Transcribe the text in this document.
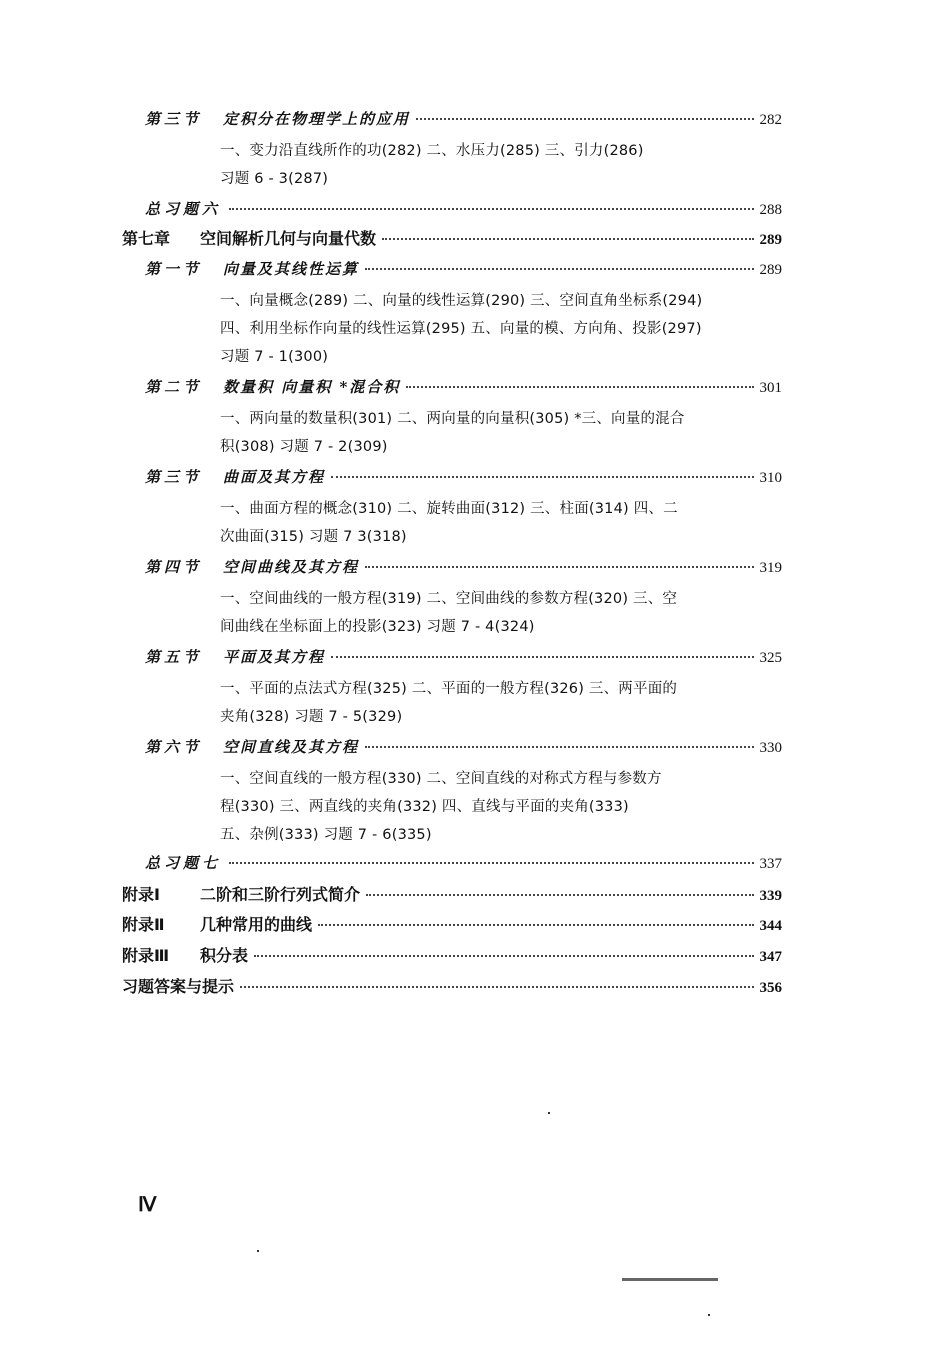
第三节 定积分在物理学上的应用	282
一、变力沿直线所作的功(282) 二、水压力(285) 三、引力(286)
习题 6 - 3(287)
总习题六	288
第七章 空间解析几何与向量代数	289
第一节 向量及其线性运算	289
一、向量概念(289) 二、向量的线性运算(290) 三、空间直角坐标系(294)
四、利用坐标作向量的线性运算(295) 五、向量的模、方向角、投影(297)
习题 7 - 1(300)
第二节 数量积 向量积 *混合积	301
一、两向量的数量积(301) 二、两向量的向量积(305) *三、向量的混合
积(308) 习题 7 - 2(309)
第三节 曲面及其方程	310
一、曲面方程的概念(310) 二、旋转曲面(312) 三、柱面(314) 四、二
次曲面(315) 习题 7 3(318)
第四节 空间曲线及其方程	319
一、空间曲线的一般方程(319) 二、空间曲线的参数方程(320) 三、空
间曲线在坐标面上的投影(323) 习题 7 - 4(324)
第五节 平面及其方程	325
一、平面的点法式方程(325) 二、平面的一般方程(326) 三、两平面的
夹角(328) 习题 7 - 5(329)
第六节 空间直线及其方程	330
一、空间直线的一般方程(330) 二、空间直线的对称式方程与参数方
程(330) 三、两直线的夹角(332) 四、直线与平面的夹角(333)
五、杂例(333) 习题 7 - 6(335)
总习题七	337
附录Ⅰ	二阶和三阶行列式简介	339
附录Ⅱ 几种常用的曲线	344
附录Ⅲ 积分表	347
习题答案与提示	356
Ⅳ
